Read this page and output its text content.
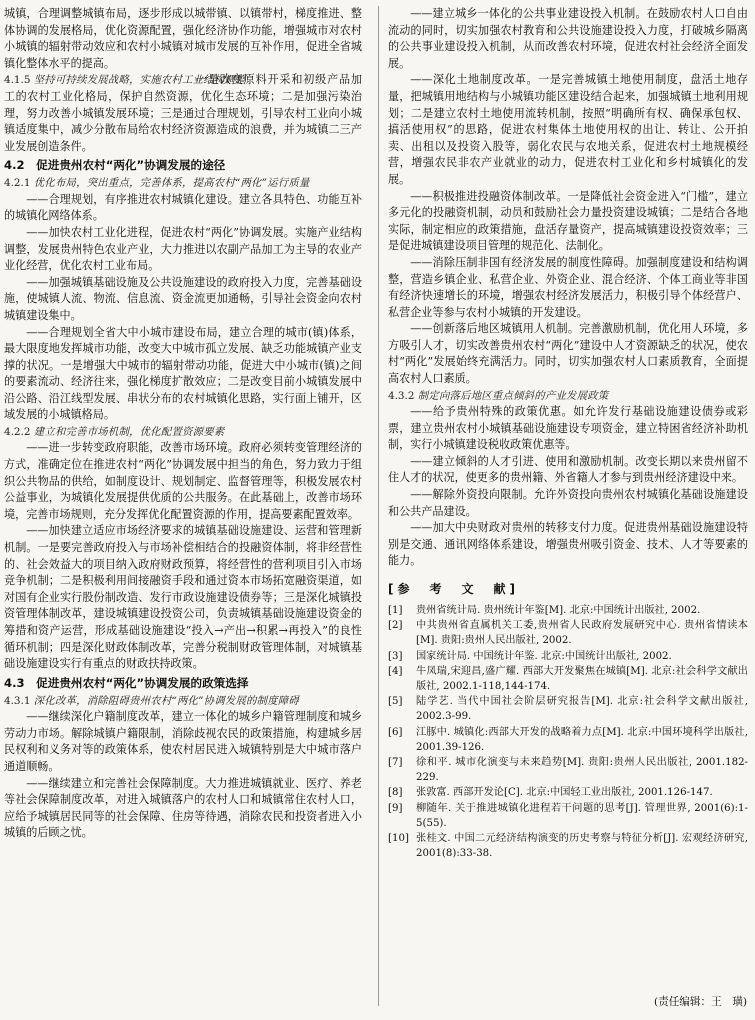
城镇，合理调整城镇布局，逐步形成以城带镇、以镇带村，梯度推进、整体协调的发展格局，优化资源配置，强化经济协作功能，增强城市对农村小城镇的辐射带动效应和农村小城镇对城市发展的互补作用，促进全省城镇化整体水平的提高。

4.1.5 坚持可持续发展战略，实施农村工业结构调整

一是改变原料开采和初级产品加工的农村工业化格局，保护自然资源，优化生态环境；二是加强污染治理，努力改善小城镇发展环境；三是通过合理规划，引导农村工业向小城镇适度集中，减少分散布局给农村经济资源造成的浪费，并为城镇二三产业发展创造条件。

4.2　促进贵州农村“两化”协调发展的途径

4.2.1 优化布局，突出重点，完善体系，提高农村“两化”运行质量

——合理规划，有序推进农村城镇化建设。建立各具特色、功能互补的城镇化网络体系。

——加快农村工业化进程，促进农村“两化”协调发展。实施产业结构调整，发展贵州特色农业产业，大力推进以农副产品加工为主导的农业产业化经营，优化农村工业布局。

——加强城镇基础设施及公共设施建设的政府投入力度，完善基础设施，使城镇人流、物流、信息流、资金流更加通畅，引导社会资金向农村城镇建设集中。

——合理规划全省大中小城市建设布局，建立合理的城市(镇)体系，最大限度地发挥城市功能，改变大中城市孤立发展、缺乏功能城镇产业支撑的状况。一是增强大中城市的辐射带动功能，促进大中小城市(镇)之间的要素流动、经济往来，强化梯度扩散效应；二是改变目前小城镇发展中沿公路、沿江线型发展、串状分布的农村城镇化思路，实行面上铺开，区域发展的小城镇格局。

4.2.2 建立和完善市场机制，优化配置资源要素

——进一步转变政府职能，改善市场环境。政府必须转变管理经济的方式，准确定位在推进农村“两化”协调发展中担当的角色，努力致力于组织公共物品的供给，如制度设计、规划制定、监督管理等，积极发展农村公益事业，为城镇化发展提供优质的公共服务。在此基础上，改善市场环境，完善市场规则，充分发挥优化配置资源的作用，提高要素配置效率。

——加快建立适应市场经济要求的城镇基础设施建设、运营和管理新机制。一是要完善政府投入与市场补偿相结合的投融资体制，将非经营性的、社会效益大的项目纳入政府财政预算，将经营性的营利项目引入市场竞争机制；二是积极利用间接融资手段和通过资本市场拓宽融资渠道，如对国有企业实行股份制改造、发行市政设施建设债券等；三是深化城镇投资管理体制改革，建设城镇建设投资公司，负责城镇基础设施建设资金的筹措和资产运营，形成基础设施建设“投入→产出→积累→再投入”的良性循环机制；四是深化财政体制改革，完善分税制财政管理体制，对城镇基础设施建设实行有重点的财政扶持政策。

4.3　促进贵州农村“两化”协调发展的政策选择

4.3.1 深化改革，消除阻碍贵州农村“两化”协调发展的制度障碍

——继续深化户籍制度改革，建立一体化的城乡户籍管理制度和城乡劳动力市场。解除城镇户籍限制，消除歧视农民的政策措施，构建城乡居民权利和义务对等的政策体系，使农村居民进入城镇特别是大中城市落户通道顺畅。

——继续建立和完善社会保障制度。大力推进城镇就业、医疗、养老等社会保障制度改革，对进入城镇落户的农村人口和城镇常住农村人口，应给予城镇居民同等的社会保障、住房等待遇，消除农民和投资者进入小城镇的后顾之忧。

——建立城乡一体化的公共事业建设投入机制。在鼓励农村人口自由流动的同时，切实加强农村教育和公共设施建设投入力度，打破城乡隔离的公共事业建设投入机制，从而改善农村环境，促进农村社会经济全面发展。

——深化土地制度改革。一是完善城镇土地使用制度，盘活土地存量，把城镇用地结构与小城镇功能区建设结合起来，加强城镇土地利用规划；二是建立农村土地使用流转机制，按照“明确所有权、确保承包权、搞活使用权”的思路，促进农村集体土地使用权的出让、转让、公开拍卖、出租以及投资入股等，弱化农民与农地关系，促进农村土地规模经营，增强农民非农产业就业的动力，促进农村工业化和乡村城镇化的发展。

——积极推进投融资体制改革。一是降低社会资金进入“门槛”，建立多元化的投融资机制，动员和鼓励社会力量投资建设城镇；二是结合各地实际，制定相应的政策措施，盘活存量资产，提高城镇建设投资效率；三是促进城镇建设项目管理的规范化、法制化。

——消除压制非国有经济发展的制度性障碍。加强制度建设和结构调整，营造乡镇企业、私营企业、外资企业、混合经济、个体工商业等非国有经济快速增长的环境，增强农村经济发展活力，积极引导个体经营户、私营企业等参与农村小城镇的开发建设。

——创新落后地区城镇用人机制。完善激励机制，优化用人环境，多方吸引人才，切实改善贵州农村“两化”建设中人才资源缺乏的状况，使农村“两化”发展始终充满活力。同时，切实加强农村人口素质教育，全面提高农村人口素质。

4.3.2 制定向落后地区重点倾斜的产业发展政策

——给予贵州特殊的政策优惠。如允许发行基础设施建设债券或彩票，建立贵州农村小城镇基础设施建设专项资金，建立特困省经济补助机制，实行小城镇建设税收政策优惠等。

——建立倾斜的人才引进、使用和激励机制。改变长期以来贵州留不住人才的状况，使更多的贵州籍、外省籍人才参与到贵州经济建设中来。

——解除外资投向限制。允许外资投向贵州农村城镇化基础设施建设和公共产品建设。

——加大中央财政对贵州的转移支付力度。促进贵州基础设施建设特别是交通、通讯网络体系建设，增强贵州吸引资金、技术、人才等要素的能力。

[参　考　文　献]
[1]	贵州省统计局. 贵州统计年鉴[M]. 北京:中国统计出版社, 2002.
[2]	中共贵州省直属机关工委,贵州省人民政府发展研究中心. 贵州省情读本[M]. 贵阳:贵州人民出版社, 2002.
[3]	国家统计局. 中国统计年鉴. 北京:中国统计出版社, 2002.
[4]	牛凤瑞,宋迎昌,盛广耀. 西部大开发聚焦在城镇[M]. 北京:社会科学文献出版社, 2002.1-118,144-174.
[5]	陆学艺. 当代中国社会阶层研究报告[M]. 北京:社会科学文献出版社, 2002.3-99.
[6]	江豚中. 城镇化:西部大开发的战略着力点[M]. 北京:中国环境科学出版社, 2001.39-126.
[7]	徐和平. 城市化演变与未来趋势[M]. 贵阳:贵州人民出版社, 2001.182-229.
[8]	张敦富. 西部开发论[C]. 北京:中国轻工业出版社, 2001.126-147.
[9]	柳随年. 关于推进城镇化进程若干问题的思考[J]. 管理世界, 2001(6):1-5(55).
[10] 张桂文. 中国二元经济结构演变的历史考察与特征分析[J]. 宏观经济研究, 2001(8):33-38.
(责任编辑：王　璜)
